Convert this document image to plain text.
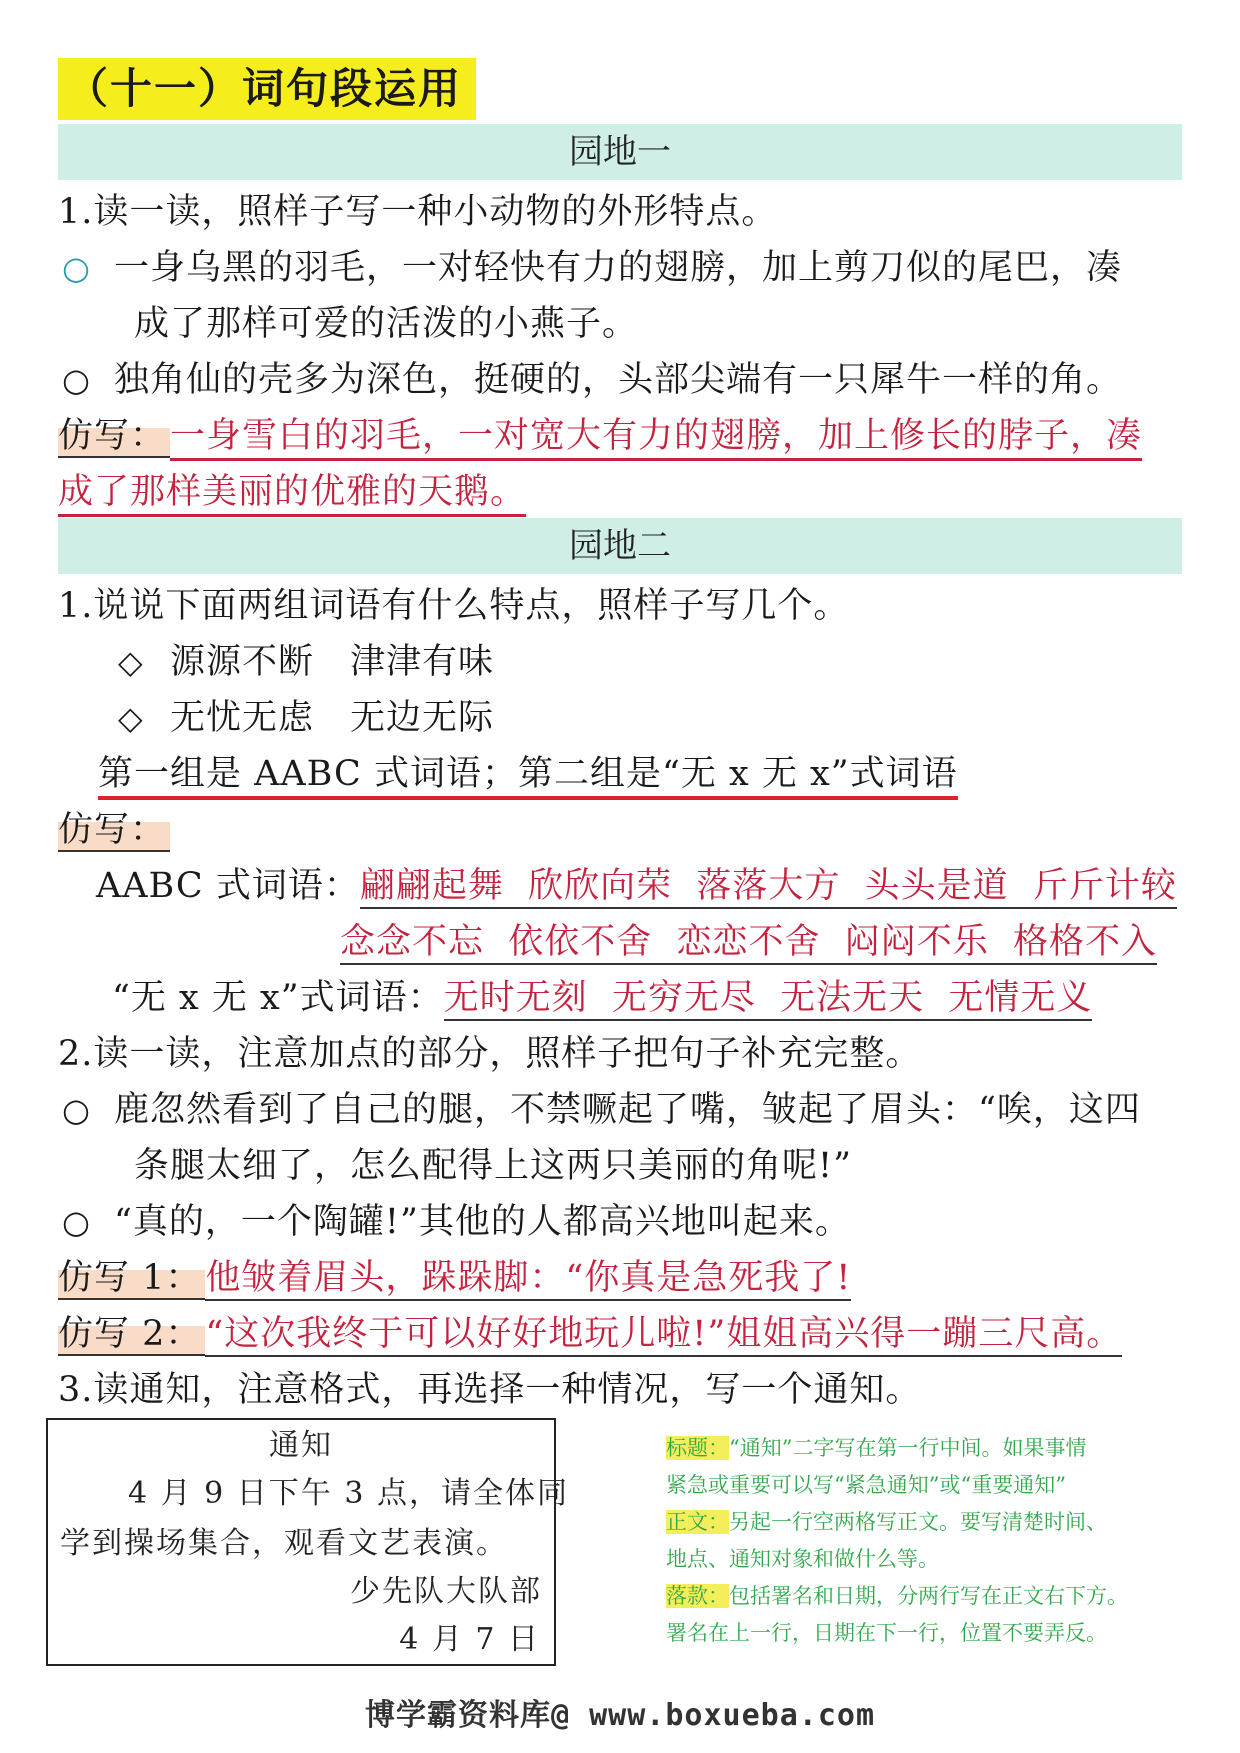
（十一）词句段运用
园地一
1.读一读，照样子写一种小动物的外形特点。
○ 一身乌黑的羽毛，一对轻快有力的翅膀，加上剪刀似的尾巴，凑
成了那样可爱的活泼的小燕子。
○ 独角仙的壳多为深色，挺硬的，头部尖端有一只犀牛一样的角。
仿写： 一身雪白的羽毛，一对宽大有力的翅膀，加上修长的脖子，凑
成了那样美丽的优雅的天鹅。
园地二
1.说说下面两组词语有什么特点，照样子写几个。
◇ 源源不断　津津有味
◇ 无忧无虑　无边无际
第一组是 AABC 式词语；第二组是“无 x 无 x”式词语
仿写：
AABC 式词语：翩翩起舞  欣欣向荣  落落大方  头头是道  斤斤计较
念念不忘  依依不舍  恋恋不舍  闷闷不乐  格格不入
“无 x 无 x”式词语：无时无刻  无穷无尽  无法无天  无情无义
2.读一读，注意加点的部分，照样子把句子补充完整。
○ 鹿忽然看到了自己的腿，不禁噘起了嘴，皱起了眉头：“唉，这四
条腿太细了，怎么配得上这两只美丽的角呢!”
○ “真的，一个陶罐!”其他的人都高兴地叫起来。
仿写 1： 他皱着眉头，跺跺脚：“你真是急死我了!
仿写 2： “这次我终于可以好好地玩儿啦!”姐姐高兴得一蹦三尺高。
3.读通知，注意格式，再选择一种情况，写一个通知。
通知
4 月 9 日下午 3 点，请全体同
学到操场集合，观看文艺表演。
少先队大队部
4 月 7 日
标题：“通知”二字写在第一行中间。如果事情
紧急或重要可以写“紧急通知”或“重要通知”
正文：另起一行空两格写正文。要写清楚时间、
地点、通知对象和做什么等。
落款：包括署名和日期，分两行写在正文右下方。
署名在上一行，日期在下一行，位置不要弄反。
博学霸资料库@ www.boxueba.com
